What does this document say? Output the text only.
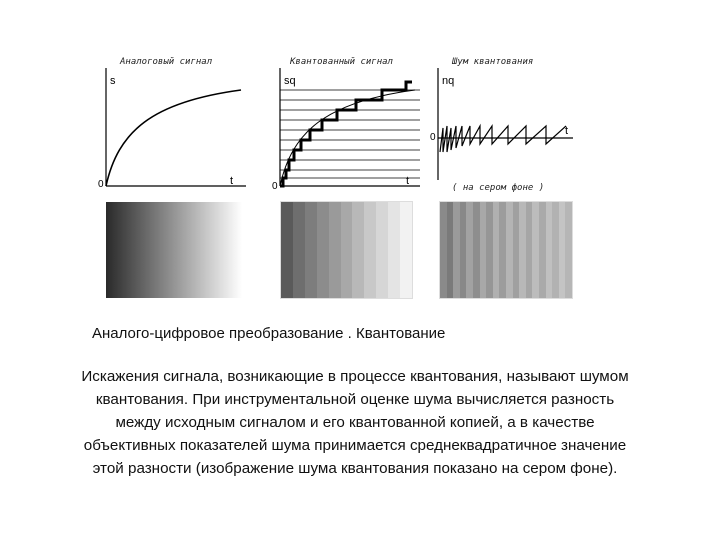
Аналоговый сигнал	Квантованный сигнал	Шум квантования
s
0	t
sq
0	t
nq
0
t
( на сером фоне )
Аналого-цифровое преобразование . Квантование
Искажения сигнала, возникающие в процессе квантования, называют шумом
квантования. При инструментальной оценке шума вычисляется разность
между исходным сигналом и его квантованной копией, а в качестве
объективных показателей шума принимается среднеквадратичное значение
этой разности (изображение шума квантования показано на сером фоне).
